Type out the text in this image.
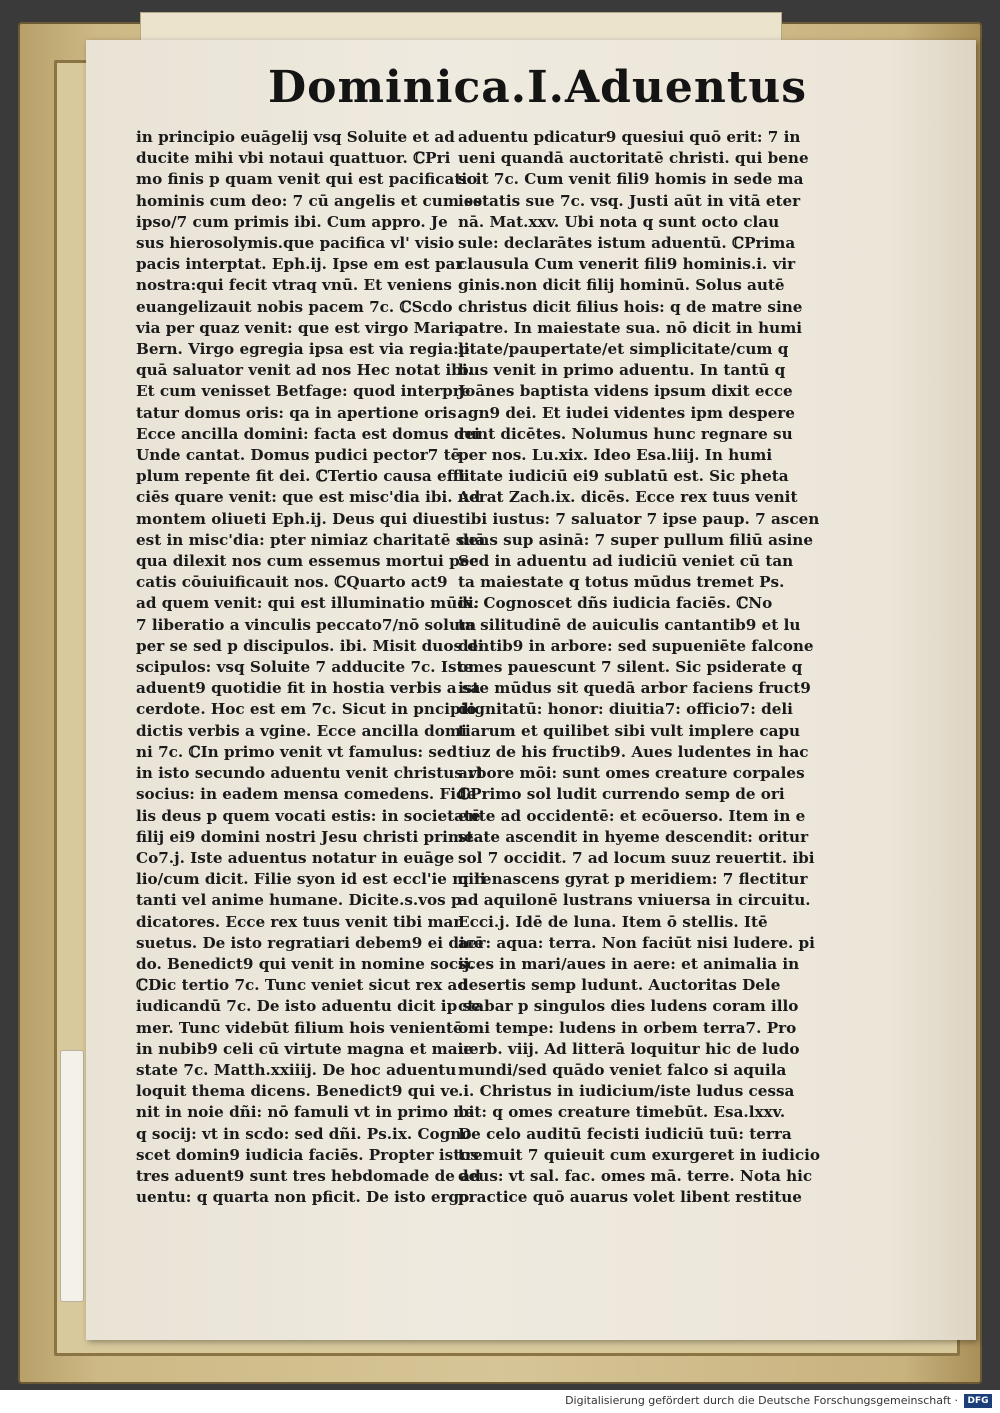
Dominica.I.Aduentus
in principio euāgelij vsq Soluite et ad
ducite mihi vbi notaui quattuor. ℂPri
mo finis p quam venit qui est pacificatio
hominis cum deo: 7 cū angelis et cum se
ipso/7 cum primis ibi. Cum appro. Je
sus hierosolymis.que pacifica vl' visio
pacis interptat. Eph.ij. Ipse em est par
nostra:qui fecit vtraq vnū. Et veniens
euangelizauit nobis pacem 7c. ℂScdo
via per quaz venit: que est virgo Maria
Bern. Virgo egregia ipsa est via regia:p
quā saluator venit ad nos Hec notat ibi.
Et cum venisset Betfage: quod interpre
tatur domus oris: qa in apertione oris.
Ecce ancilla domini: facta est domus dei
Unde cantat. Domus pudici pector7 tē
plum repente fit dei. ℂTertio causa effi
ciēs quare venit: que est misc'dia ibi. Ad
montem oliueti Eph.ij. Deus qui diues
est in misc'dia: pter nimiaz charitatē suā
qua dilexit nos cum essemus mortui pec
catis cōuiuificauit nos. ℂQuarto act9
ad quem venit: qui est illuminatio mūdi:
7 liberatio a vinculis peccato7/nō solum
per se sed p discipulos. ibi. Misit duos di
scipulos: vsq Soluite 7 adducite 7c. Iste
aduent9 quotidie fit in hostia verbis a sa
cerdote. Hoc est em 7c. Sicut in pncipio
dictis verbis a vgine. Ecce ancilla domi
ni 7c. ℂIn primo venit vt famulus: sed
in isto secundo aduentu venit christus vt
socius: in eadem mensa comedens. Fide
lis deus p quem vocati estis: in societatē
filij ei9 domini nostri Jesu christi prime.
Co7.j. Iste aduentus notatur in euāge
lio/cum dicit. Filie syon id est eccl'ie mili
tanti vel anime humane. Dicite.s.vos p
dicatores. Ecce rex tuus venit tibi man
suetus. De isto regratiari debem9 ei dicē
do. Benedict9 qui venit in nomine socij.
ℂDic tertio 7c. Tunc veniet sicut rex ad
iudicandū 7c. De isto aduentu dicit ip se
mer. Tunc videbūt filium hois venientē
in nubib9 celi cū virtute magna et maie
state 7c. Matth.xxiiij. De hoc aduentu
loquit thema dicens. Benedict9 qui ve
nit in noie dñi: nō famuli vt in primo ne
q socij: vt in scdo: sed dñi. Ps.ix. Cogno
scet domin9 iudicia faciēs. Propter istos
tres aduent9 sunt tres hebdomade de ad
uentu: q quarta non pficit. De isto ergo
aduentu pdicatur9 quesiui quō erit: 7 in
ueni quandā auctoritatē christi. qui bene
scit 7c. Cum venit fili9 homis in sede ma
iestatis sue 7c. vsq. Justi aūt in vitā eter
nā. Mat.xxv. Ubi nota q sunt octo clau
sule: declarātes istum aduentū. ℂPrima
clausula Cum venerit fili9 hominis.i. vir
ginis.non dicit filij hominū. Solus autē
christus dicit filius hois: q de matre sine
patre. In maiestate sua. nō dicit in humi
litate/paupertate/et simplicitate/cum q
bus venit in primo aduentu. In tantū q
Joānes baptista videns ipsum dixit ecce
agn9 dei. Et iudei videntes ipm despere
runt dicētes. Nolumus hunc regnare su
per nos. Lu.xix. Ideo Esa.liij. In humi
litate iudiciū ei9 sublatū est. Sic pheta
uerat Zach.ix. dicēs. Ecce rex tuus venit
tibi iustus: 7 saluator 7 ipse paup. 7 ascen
dens sup asinā: 7 super pullum filiū asine
Sed in aduentu ad iudiciū veniet cū tan
ta maiestate q totus mūdus tremet Ps.
ix. Cognoscet dñs iudicia faciēs. ℂNo
ta silitudinē de auiculis cantantib9 et lu
dentib9 in arbore: sed supueniēte falcone
omes pauescunt 7 silent. Sic psiderate q
iste mūdus sit quedā arbor faciens fruct9
dignitatū: honor: diuitia7: officio7: deli
tiarum et quilibet sibi vult implere capu
tiuz de his fructib9. Aues ludentes in hac
arbore mōi: sunt omes creature corpales
ℂPrimo sol ludit currendo semp de ori
ente ad occidentē: et ecōuerso. Item in e
state ascendit in hyeme descendit: oritur
sol 7 occidit. 7 ad locum suuz reuertit. ibi
q renascens gyrat p meridiem: 7 flectitur
ad aquilonē lustrans vniuersa in circuitu.
Ecci.j. Idē de luna. Item ō stellis. Itē
aer: aqua: terra. Non faciūt nisi ludere. pi
sces in mari/aues in aere: et animalia in
desertis semp ludunt. Auctoritas Dele
ctabar p singulos dies ludens coram illo
omi tempe: ludens in orbem terra7. Pro
uerb. viij. Ad litterā loquitur hic de ludo
mundi/sed quādo veniet falco si aquila
.i. Christus in iudicium/iste ludus cessa
bit: q omes creature timebūt. Esa.lxxv.
De celo auditū fecisti iudiciū tuū: terra
tremuit 7 quieuit cum exurgeret in iudicio
deus: vt sal. fac. omes mā. terre. Nota hic
practice quō auarus volet libent restitue
Digitalisierung gefördert durch die Deutsche Forschungsgemeinschaft ·	DFG
